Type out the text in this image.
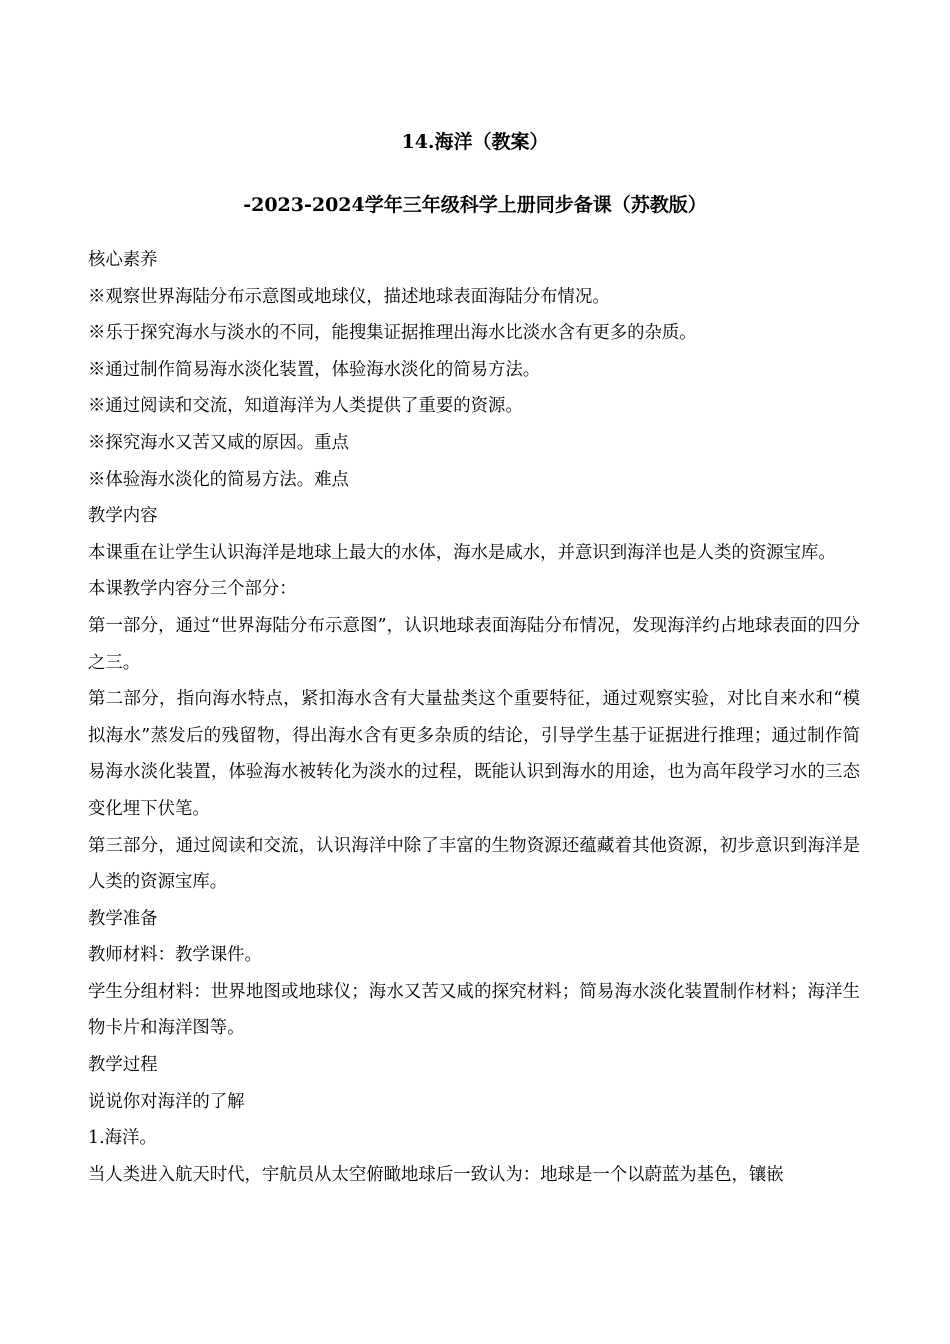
14.海洋（教案）
-2023-2024学年三年级科学上册同步备课（苏教版）

核心素养

※观察世界海陆分布示意图或地球仪，描述地球表面海陆分布情况。

※乐于探究海水与淡水的不同，能搜集证据推理出海水比淡水含有更多的杂质。

※通过制作简易海水淡化装置，体验海水淡化的简易方法。

※通过阅读和交流，知道海洋为人类提供了重要的资源。

※探究海水又苦又咸的原因。重点

※体验海水淡化的简易方法。难点

教学内容

本课重在让学生认识海洋是地球上最大的水体，海水是咸水，并意识到海洋也是人类的资源宝库。

本课教学内容分三个部分：

第一部分，通过“世界海陆分布示意图”，认识地球表面海陆分布情况，发现海洋约占地球表面的四分之三。

第二部分，指向海水特点，紧扣海水含有大量盐类这个重要特征，通过观察实验，对比自来水和“模拟海水”蒸发后的残留物，得出海水含有更多杂质的结论，引导学生基于证据进行推理；通过制作简易海水淡化装置，体验海水被转化为淡水的过程，既能认识到海水的用途，也为高年段学习水的三态变化埋下伏笔。

第三部分，通过阅读和交流，认识海洋中除了丰富的生物资源还蕴藏着其他资源，初步意识到海洋是人类的资源宝库。

教学准备

教师材料：教学课件。

学生分组材料：世界地图或地球仪；海水又苦又咸的探究材料；简易海水淡化装置制作材料；海洋生物卡片和海洋图等。

教学过程

说说你对海洋的了解

1.海洋。

当人类进入航天时代，宇航员从太空俯瞰地球后一致认为：地球是一个以蔚蓝为基色，镶嵌
